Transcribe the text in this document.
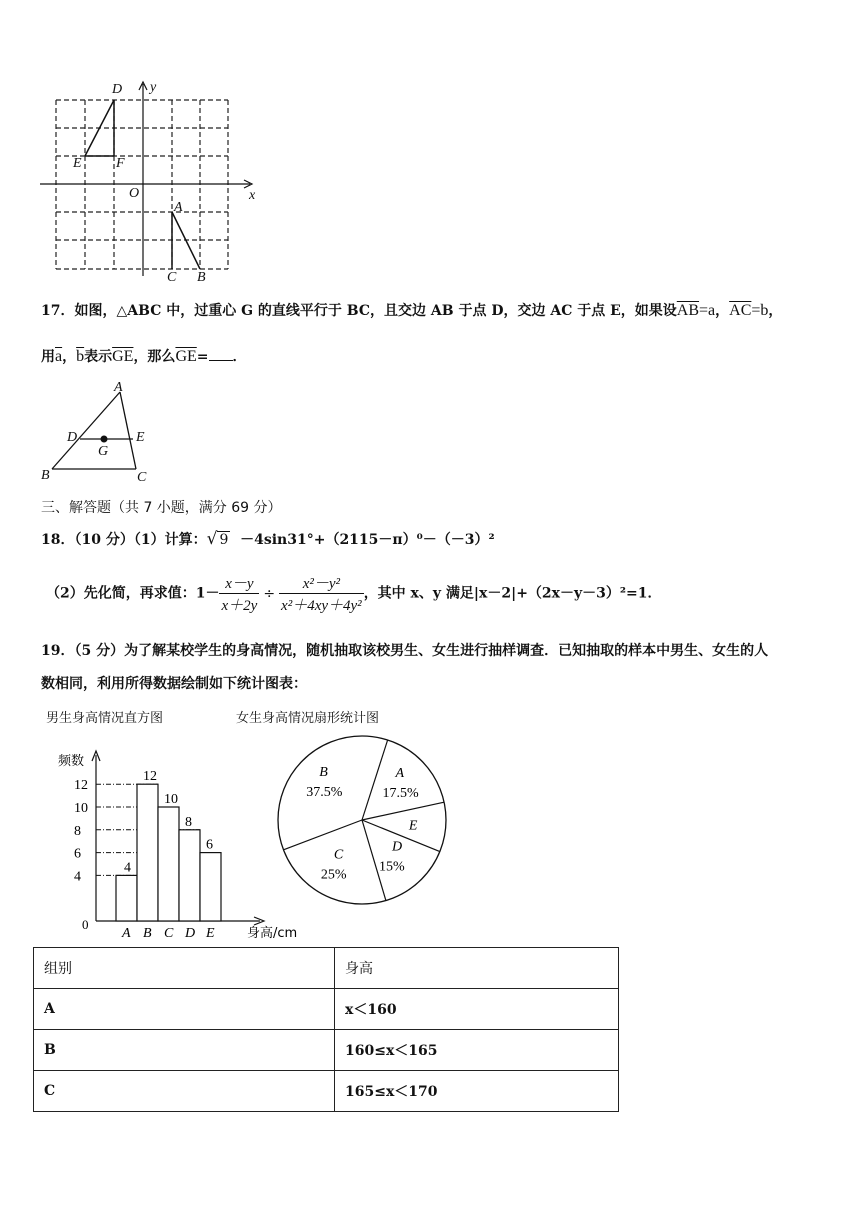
D y
E F
O	x
A
C B
17．如图，△ABC 中，过重心 G 的直线平行于 BC，且交边 AB 于点 D，交边 AC 于点 E，如果设$\overline{AB}=a$，$\overline{AC}=b$，
用$\overline{a}$，$\overline{b}$表示$\overline{GE}$，那么$\overline{GE}=$ ．
A
D	E
G
B	C
三、解答题（共 7 小题，满分 69 分）
18．（10 分）（1）计算：√ 9 －4sin31°+（2115－π）⁰－（－3）²
（2）先化简，再求值：$1- \frac{x-y}{x+2y} \div \frac{\text{x²－y²}}{\text{x²＋4xy＋4y²}}$ ，其中 x、y 满足|x－2|+（2x－y－3）²=1．
19．（5 分）为了解某校学生的身高情况，随机抽取该校男生、女生进行抽样调查．已知抽取的样本中男生、女生的人
数相同，利用所得数据绘制如下统计图表：
男生身高情况直方图	女生身高情况扇形统计图
频数
身高/cm
0
4
6
8
10
12
4
A
12
B
10
C
8
D
6
E
A
17.5%
E
D
15%
C
25%
B
37.5%
组别	身高
A	x＜160
B	160≤x＜165
C	165≤x＜170
